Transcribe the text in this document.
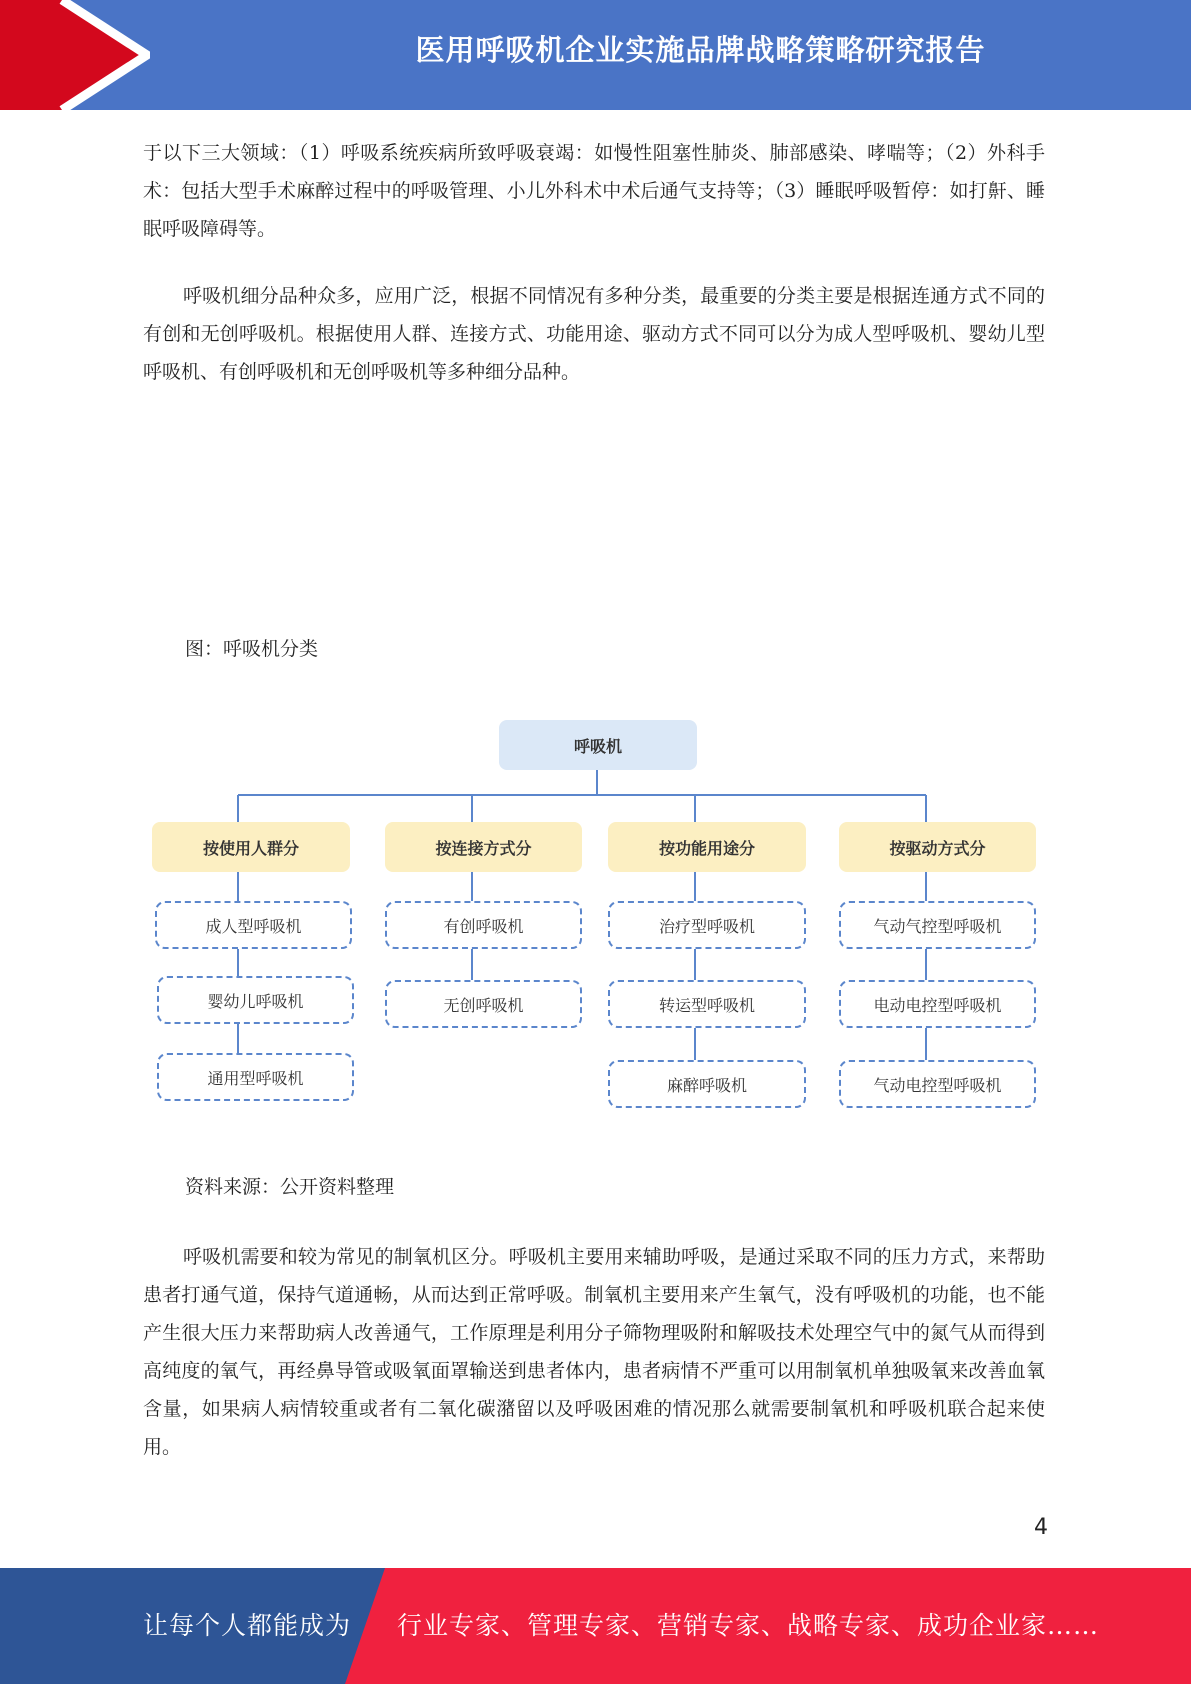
医用呼吸机企业实施品牌战略策略研究报告

于以下三大领域：（1）呼吸系统疾病所致呼吸衰竭：如慢性阻塞性肺炎、肺部感染、哮喘等；（2）外科手术：包括大型手术麻醉过程中的呼吸管理、小儿外科术中术后通气支持等；（3）睡眠呼吸暂停：如打鼾、睡眠呼吸障碍等。

呼吸机细分品种众多，应用广泛，根据不同情况有多种分类，最重要的分类主要是根据连通方式不同的有创和无创呼吸机。根据使用人群、连接方式、功能用途、驱动方式不同可以分为成人型呼吸机、婴幼儿型呼吸机、有创呼吸机和无创呼吸机等多种细分品种。

图：呼吸机分类
呼吸机
按使用人群分	按连接方式分	按功能用途分	按驱动方式分
成人型呼吸机
婴幼儿呼吸机
通用型呼吸机
有创呼吸机
无创呼吸机
治疗型呼吸机
转运型呼吸机
麻醉呼吸机
气动气控型呼吸机
电动电控型呼吸机
气动电控型呼吸机
资料来源：公开资料整理

呼吸机需要和较为常见的制氧机区分。呼吸机主要用来辅助呼吸，是通过采取不同的压力方式，来帮助患者打通气道，保持气道通畅，从而达到正常呼吸。制氧机主要用来产生氧气，没有呼吸机的功能，也不能产生很大压力来帮助病人改善通气，工作原理是利用分子筛物理吸附和解吸技术处理空气中的氮气从而得到高纯度的氧气，再经鼻导管或吸氧面罩输送到患者体内，患者病情不严重可以用制氧机单独吸氧来改善血氧含量，如果病人病情较重或者有二氧化碳潴留以及呼吸困难的情况那么就需要制氧机和呼吸机联合起来使用。

4
让每个人都能成为 行业专家、管理专家、营销专家、战略专家、成功企业家……
